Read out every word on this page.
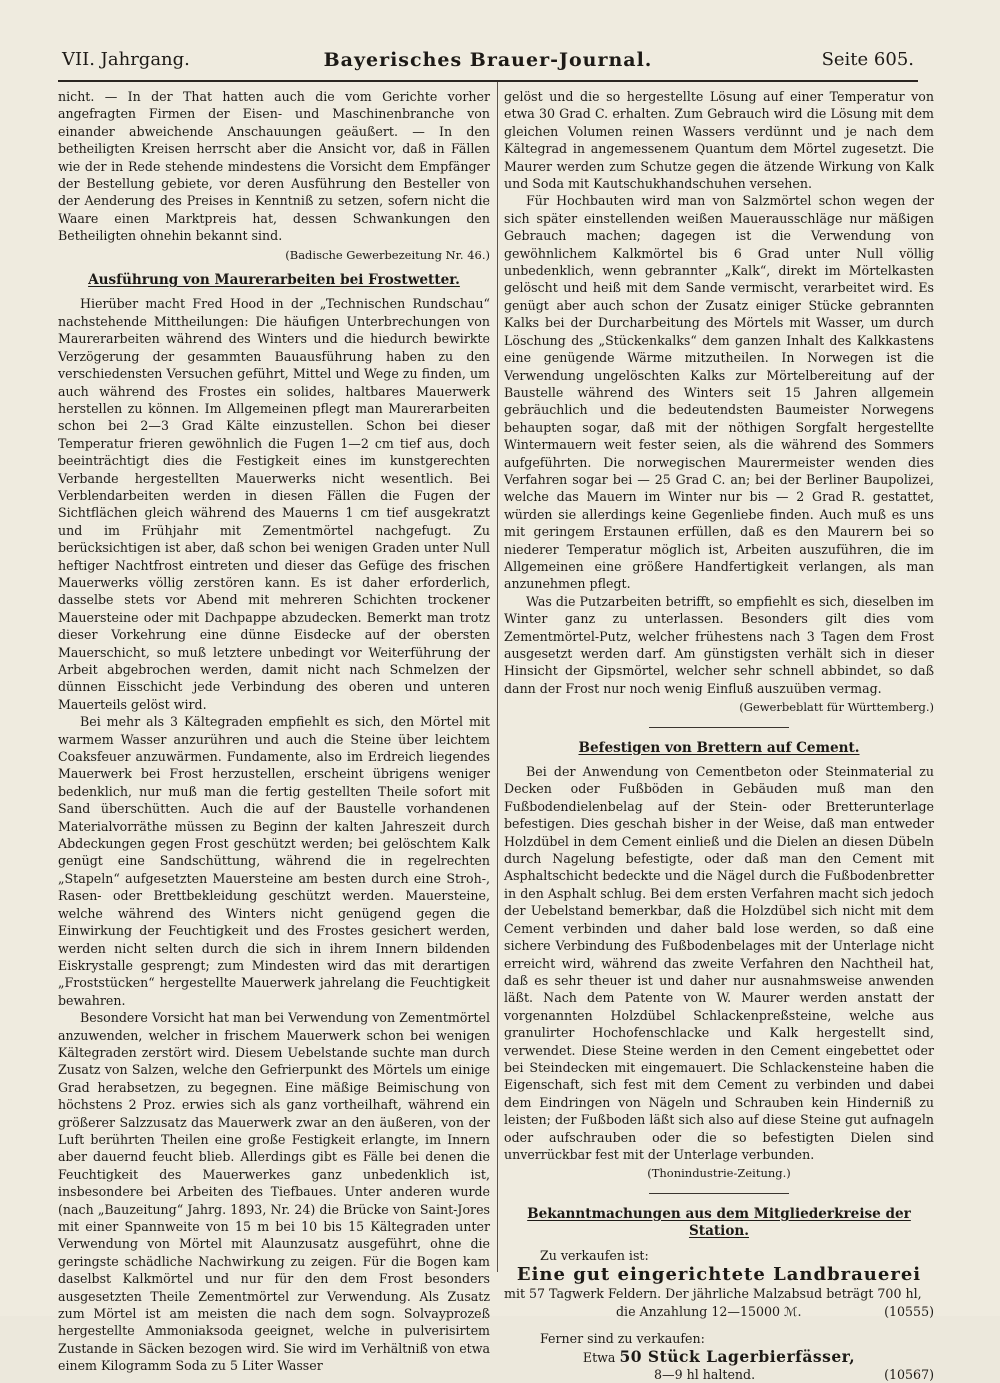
VII. Jahrgang.	Bayerisches Brauer-Journal.	Seite 605.

nicht. — In der That hatten auch die vom Gerichte vorher angefragten Firmen der Eisen- und Maschinenbranche von einander abweichende Anschauungen geäußert. — In den betheiligten Kreisen herrscht aber die Ansicht vor, daß in Fällen wie der in Rede stehende mindestens die Vorsicht dem Empfänger der Bestellung gebiete, vor deren Ausführung den Besteller von der Aenderung des Preises in Kenntniß zu setzen, sofern nicht die Waare einen Marktpreis hat, dessen Schwankungen den Betheiligten ohnehin bekannt sind.

(Badische Gewerbezeitung Nr. 46.)

Ausführung von Maurerarbeiten bei Frostwetter.

Hierüber macht Fred Hood in der „Technischen Rundschau“ nachstehende Mittheilungen: Die häufigen Unterbrechungen von Maurerarbeiten während des Winters und die hiedurch bewirkte Verzögerung der gesammten Bauausführung haben zu den verschiedensten Versuchen geführt, Mittel und Wege zu finden, um auch während des Frostes ein solides, haltbares Mauerwerk herstellen zu können. Im Allgemeinen pflegt man Maurerarbeiten schon bei 2—3 Grad Kälte einzustellen. Schon bei dieser Temperatur frieren gewöhnlich die Fugen 1—2 cm tief aus, doch beeinträchtigt dies die Festigkeit eines im kunstgerechten Verbande hergestellten Mauerwerks nicht wesentlich. Bei Verblendarbeiten werden in diesen Fällen die Fugen der Sichtflächen gleich während des Mauerns 1 cm tief ausgekratzt und im Frühjahr mit Zementmörtel nachgefugt. Zu berücksichtigen ist aber, daß schon bei wenigen Graden unter Null heftiger Nachtfrost eintreten und dieser das Gefüge des frischen Mauerwerks völlig zerstören kann. Es ist daher erforderlich, dasselbe stets vor Abend mit mehreren Schichten trockener Mauersteine oder mit Dachpappe abzudecken. Bemerkt man trotz dieser Vorkehrung eine dünne Eisdecke auf der obersten Mauerschicht, so muß letztere unbedingt vor Weiterführung der Arbeit abgebrochen werden, damit nicht nach Schmelzen der dünnen Eisschicht jede Verbindung des oberen und unteren Mauerteils gelöst wird.

Bei mehr als 3 Kältegraden empfiehlt es sich, den Mörtel mit warmem Wasser anzurühren und auch die Steine über leichtem Coaksfeuer anzuwärmen. Fundamente, also im Erdreich liegendes Mauerwerk bei Frost herzustellen, erscheint übrigens weniger bedenklich, nur muß man die fertig gestellten Theile sofort mit Sand überschütten. Auch die auf der Baustelle vorhandenen Materialvorräthe müssen zu Beginn der kalten Jahreszeit durch Abdeckungen gegen Frost geschützt werden; bei gelöschtem Kalk genügt eine Sandschüttung, während die in regelrechten „Stapeln“ aufgesetzten Mauersteine am besten durch eine Stroh-, Rasen- oder Brettbekleidung geschützt werden. Mauersteine, welche während des Winters nicht genügend gegen die Einwirkung der Feuchtigkeit und des Frostes gesichert werden, werden nicht selten durch die sich in ihrem Innern bildenden Eiskrystalle gesprengt; zum Mindesten wird das mit derartigen „Froststücken“ hergestellte Mauerwerk jahrelang die Feuchtigkeit bewahren.

Besondere Vorsicht hat man bei Verwendung von Zementmörtel anzuwenden, welcher in frischem Mauerwerk schon bei wenigen Kältegraden zerstört wird. Diesem Uebelstande suchte man durch Zusatz von Salzen, welche den Gefrierpunkt des Mörtels um einige Grad herabsetzen, zu begegnen. Eine mäßige Beimischung von höchstens 2 Proz. erwies sich als ganz vortheilhaft, während ein größerer Salzzusatz das Mauerwerk zwar an den äußeren, von der Luft berührten Theilen eine große Festigkeit erlangte, im Innern aber dauernd feucht blieb. Allerdings gibt es Fälle bei denen die Feuchtigkeit des Mauerwerkes ganz unbedenklich ist, insbesondere bei Arbeiten des Tiefbaues. Unter anderen wurde (nach „Bauzeitung“ Jahrg. 1893, Nr. 24) die Brücke von Saint-Jores mit einer Spannweite von 15 m bei 10 bis 15 Kältegraden unter Verwendung von Mörtel mit Alaunzusatz ausgeführt, ohne die geringste schädliche Nachwirkung zu zeigen. Für die Bogen kam daselbst Kalkmörtel und nur für den dem Frost besonders ausgesetzten Theile Zementmörtel zur Verwendung. Als Zusatz zum Mörtel ist am meisten die nach dem sogn. Solvayprozeß hergestellte Ammoniaksoda geeignet, welche in pulverisirtem Zustande in Säcken bezogen wird. Sie wird im Verhältniß von etwa einem Kilogramm Soda zu 5 Liter Wasser

gelöst und die so hergestellte Lösung auf einer Temperatur von etwa 30 Grad C. erhalten. Zum Gebrauch wird die Lösung mit dem gleichen Volumen reinen Wassers verdünnt und je nach dem Kältegrad in angemessenem Quantum dem Mörtel zugesetzt. Die Maurer werden zum Schutze gegen die ätzende Wirkung von Kalk und Soda mit Kautschukhandschuhen versehen.

Für Hochbauten wird man von Salzmörtel schon wegen der sich später einstellenden weißen Mauerausschläge nur mäßigen Gebrauch machen; dagegen ist die Verwendung von gewöhnlichem Kalkmörtel bis 6 Grad unter Null völlig unbedenklich, wenn gebrannter „Kalk“, direkt im Mörtelkasten gelöscht und heiß mit dem Sande vermischt, verarbeitet wird. Es genügt aber auch schon der Zusatz einiger Stücke gebrannten Kalks bei der Durcharbeitung des Mörtels mit Wasser, um durch Löschung des „Stückenkalks“ dem ganzen Inhalt des Kalkkastens eine genügende Wärme mitzutheilen. In Norwegen ist die Verwendung ungelöschten Kalks zur Mörtelbereitung auf der Baustelle während des Winters seit 15 Jahren allgemein gebräuchlich und die bedeutendsten Baumeister Norwegens behaupten sogar, daß mit der nöthigen Sorgfalt hergestellte Wintermauern weit fester seien, als die während des Sommers aufgeführten. Die norwegischen Maurermeister wenden dies Verfahren sogar bei — 25 Grad C. an; bei der Berliner Baupolizei, welche das Mauern im Winter nur bis — 2 Grad R. gestattet, würden sie allerdings keine Gegenliebe finden. Auch muß es uns mit geringem Erstaunen erfüllen, daß es den Maurern bei so niederer Temperatur möglich ist, Arbeiten auszuführen, die im Allgemeinen eine größere Handfertigkeit verlangen, als man anzunehmen pflegt.

Was die Putzarbeiten betrifft, so empfiehlt es sich, dieselben im Winter ganz zu unterlassen. Besonders gilt dies vom Zementmörtel-Putz, welcher frühestens nach 3 Tagen dem Frost ausgesetzt werden darf. Am günstigsten verhält sich in dieser Hinsicht der Gipsmörtel, welcher sehr schnell abbindet, so daß dann der Frost nur noch wenig Einfluß auszuüben vermag.

(Gewerbeblatt für Württemberg.)

Befestigen von Brettern auf Cement.

Bei der Anwendung von Cementbeton oder Steinmaterial zu Decken oder Fußböden in Gebäuden muß man den Fußbodendielenbelag auf der Stein- oder Bretterunterlage befestigen. Dies geschah bisher in der Weise, daß man entweder Holzdübel in dem Cement einließ und die Dielen an diesen Dübeln durch Nagelung befestigte, oder daß man den Cement mit Asphaltschicht bedeckte und die Nägel durch die Fußbodenbretter in den Asphalt schlug. Bei dem ersten Verfahren macht sich jedoch der Uebelstand bemerkbar, daß die Holzdübel sich nicht mit dem Cement verbinden und daher bald lose werden, so daß eine sichere Verbindung des Fußbodenbelages mit der Unterlage nicht erreicht wird, während das zweite Verfahren den Nachtheil hat, daß es sehr theuer ist und daher nur ausnahmsweise anwenden läßt. Nach dem Patente von W. Maurer werden anstatt der vorgenannten Holzdübel Schlackenpreßsteine, welche aus granulirter Hochofenschlacke und Kalk hergestellt sind, verwendet. Diese Steine werden in den Cement eingebettet oder bei Steindecken mit eingemauert. Die Schlackensteine haben die Eigenschaft, sich fest mit dem Cement zu verbinden und dabei dem Eindringen von Nägeln und Schrauben kein Hinderniß zu leisten; der Fußboden läßt sich also auf diese Steine gut aufnageln oder aufschrauben oder die so befestigten Dielen sind unverrückbar fest mit der Unterlage verbunden.

(Thonindustrie-Zeitung.)

Bekanntmachungen aus dem Mitgliederkreise der Station.

Zu verkaufen ist:

Eine gut eingerichtete Landbrauerei

mit 57 Tagwerk Feldern. Der jährliche Malzabsud beträgt 700 hl,

die Anzahlung 12—15000 ℳ.	(10555)

Ferner sind zu verkaufen:

Etwa 50 Stück Lagerbierfässer,

8—9 hl haltend.	(10567)
